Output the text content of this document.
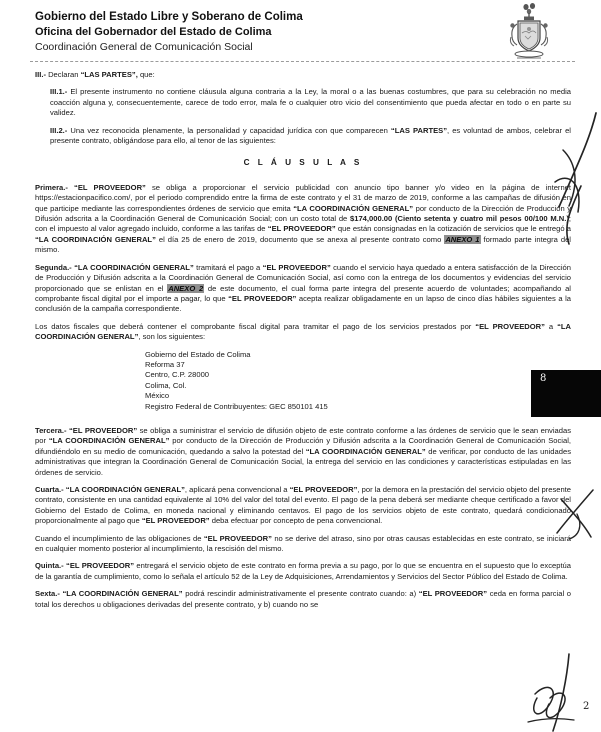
Gobierno del Estado Libre y Soberano de Colima
Oficina del Gobernador del Estado de Colima
Coordinación General de Comunicación Social

III.- Declaran “LAS PARTES”, que:

III.1.- El presente instrumento no contiene cláusula alguna contraria a la Ley, la moral o a las buenas costumbres, que para su celebración no media coacción alguna y, consecuentemente, carece de todo error, mala fe o cualquier otro vicio del consentimiento que pueda afectar en todo o en parte su validez.

III.2.- Una vez reconocida plenamente, la personalidad y capacidad jurídica con que comparecen “LAS PARTES”, es voluntad de ambos, celebrar el presente contrato, obligándose para ello, al tenor de las siguientes:

C L Á U S U L A S

Primera.- “EL PROVEEDOR” se obliga a proporcionar el servicio publicidad con anuncio tipo banner y/o video en la página de internet https://estacionpacifico.com/, por el periodo comprendido entre la firma de este contrato y el 31 de marzo de 2019, conforme a las campañas de difusión en que participe mediante las correspondientes órdenes de servicio que emita “LA COORDINACIÓN GENERAL” por conducto de la Dirección de Producción y Difusión adscrita a la Coordinación General de Comunicación Social; con un costo total de $174,000.00 (Ciento setenta y cuatro mil pesos 00/100 M.N.); con el impuesto al valor agregado incluido, conforme a las tarifas de “EL PROVEEDOR” que están consignadas en la cotización de servicios que le entregó a “LA COORDINACIÓN GENERAL” el día 25 de enero de 2019, documento que se anexa al presente contrato como ANEXO 1 formado parte integra del mismo.

Segunda.- “LA COORDINACIÓN GENERAL” tramitará el pago a “EL PROVEEDOR” cuando el servicio haya quedado a entera satisfacción de la Dirección de Producción y Difusión adscrita a la Coordinación General de Comunicación Social, así como con la entrega de los documentos y evidencias del servicio proporcionado que se enlistan en el ANEXO 2 de este documento, el cual forma parte integra del presente acuerdo de voluntades; acompañando al comprobante fiscal digital por el importe a pagar, lo que “EL PROVEEDOR” acepta realizar obligadamente en un lapso de cinco días hábiles siguientes a la conclusión de la campaña correspondiente.

Los datos fiscales que deberá contener el comprobante fiscal digital para tramitar el pago de los servicios prestados por “EL PROVEEDOR” a “LA COORDINACIÓN GENERAL”, son los siguientes:

Gobierno del Estado de Colima
Reforma 37
Centro, C.P. 28000
Colima, Col.
México
Registro Federal de Contribuyentes: GEC 850101 415

Tercera.- “EL PROVEEDOR” se obliga a suministrar el servicio de difusión objeto de este contrato conforme a las órdenes de servicio que le sean enviadas por “LA COORDINACIÓN GENERAL” por conducto de la Dirección de Producción y Difusión adscrita a la Coordinación General de Comunicación Social, difundiéndolo en su medio de comunicación, quedando a salvo la potestad del “LA COORDINACIÓN GENERAL” de verificar, por conducto de las unidades administrativas que integran la Coordinación General de Comunicación Social, la entrega del servicio en las condiciones y características estipuladas en las órdenes de servicio.

Cuarta.- “LA COORDINACIÓN GENERAL”, aplicará pena convencional a “EL PROVEEDOR”, por la demora en la prestación del servicio objeto del presente contrato, consistente en una cantidad equivalente al 10% del valor del total del evento. El pago de la pena deberá ser mediante cheque certificado a favor del Gobierno del Estado de Colima, en moneda nacional y eliminando centavos. El pago de los servicios objeto de este contrato, quedará condicionado proporcionalmente al pago que “EL PROVEEDOR” deba efectuar por concepto de pena convencional.

Cuando el incumplimiento de las obligaciones de “EL PROVEEDOR” no se derive del atraso, sino por otras causas establecidas en este contrato, se iniciará en cualquier momento posterior al incumplimiento, la rescisión del mismo.

Quinta.- “EL PROVEEDOR” entregará el servicio objeto de este contrato en forma previa a su pago, por lo que se encuentra en el supuesto que lo exceptúa de la garantía de cumplimiento, como lo señala el artículo 52 de la Ley de Adquisiciones, Arrendamientos y Servicios del Sector Público del Estado de Colima.

Sexta.- “LA COORDINACIÓN GENERAL” podrá rescindir administrativamente el presente contrato cuando: a) “EL PROVEEDOR” ceda en forma parcial o total los derechos u obligaciones derivadas del presente contrato, y b) cuando no se

8
2
